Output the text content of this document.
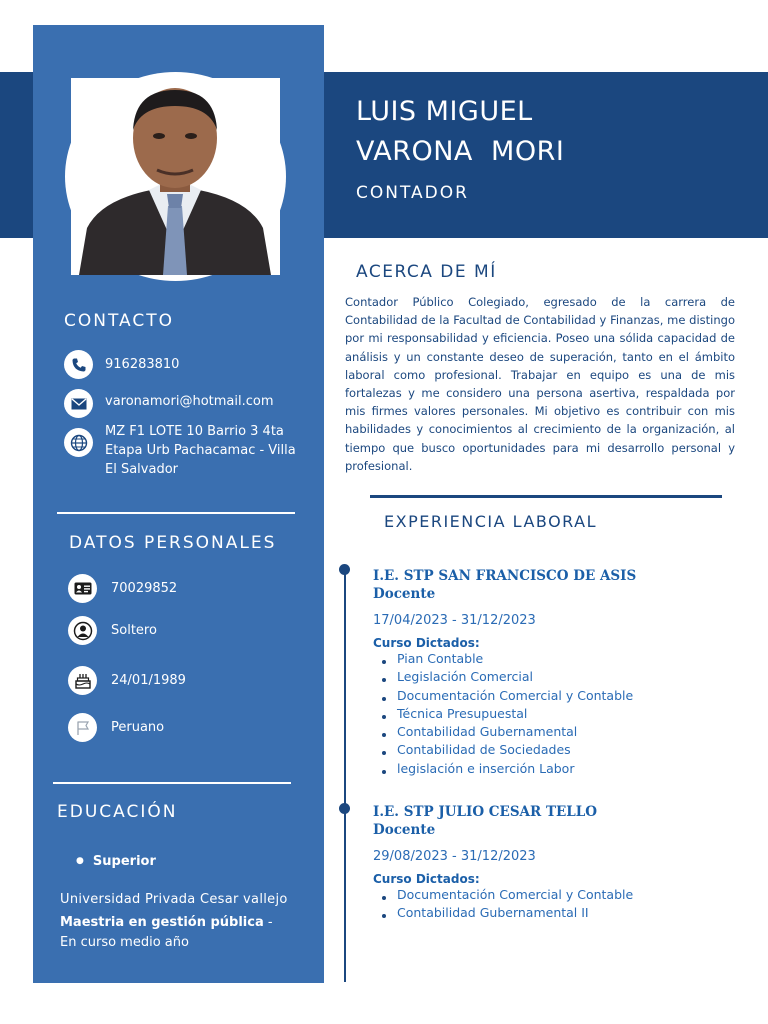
LUIS MIGUEL
VARONA  MORI
CONTADOR
CONTACTO
916283810
varonamori@hotmail.com
MZ F1 LOTE 10 Barrio 3 4ta Etapa Urb Pachacamac - Villa El Salvador
DATOS PERSONALES
70029852
Soltero
24/01/1989
Peruano
EDUCACIÓN
● Superior
Universidad Privada Cesar vallejo
Maestria en gestión pública -
En curso medio año
ACERCA DE MÍ
Contador Público Colegiado, egresado de la carrera de Contabilidad de la Facultad de Contabilidad y Finanzas, me distingo por mi responsabilidad y eficiencia. Poseo una sólida capacidad de análisis y un constante deseo de superación, tanto en el ámbito laboral como profesional. Trabajar en equipo es una de mis fortalezas y me considero una persona asertiva, respaldada por mis firmes valores personales. Mi objetivo es contribuir con mis habilidades y conocimientos al crecimiento de la organización, al tiempo que busco oportunidades para mi desarrollo personal y profesional.
EXPERIENCIA LABORAL
I.E. STP SAN FRANCISCO DE ASIS
Docente
17/04/2023 - 31/12/2023
Curso Dictados:
Pian Contable
Legislación Comercial
Documentación Comercial y Contable
Técnica Presupuestal
Contabilidad Gubernamental
Contabilidad de Sociedades
legislación e inserción Labor
I.E. STP JULIO CESAR TELLO
Docente
29/08/2023 - 31/12/2023
Curso Dictados:
Documentación Comercial y Contable
Contabilidad Gubernamental II
